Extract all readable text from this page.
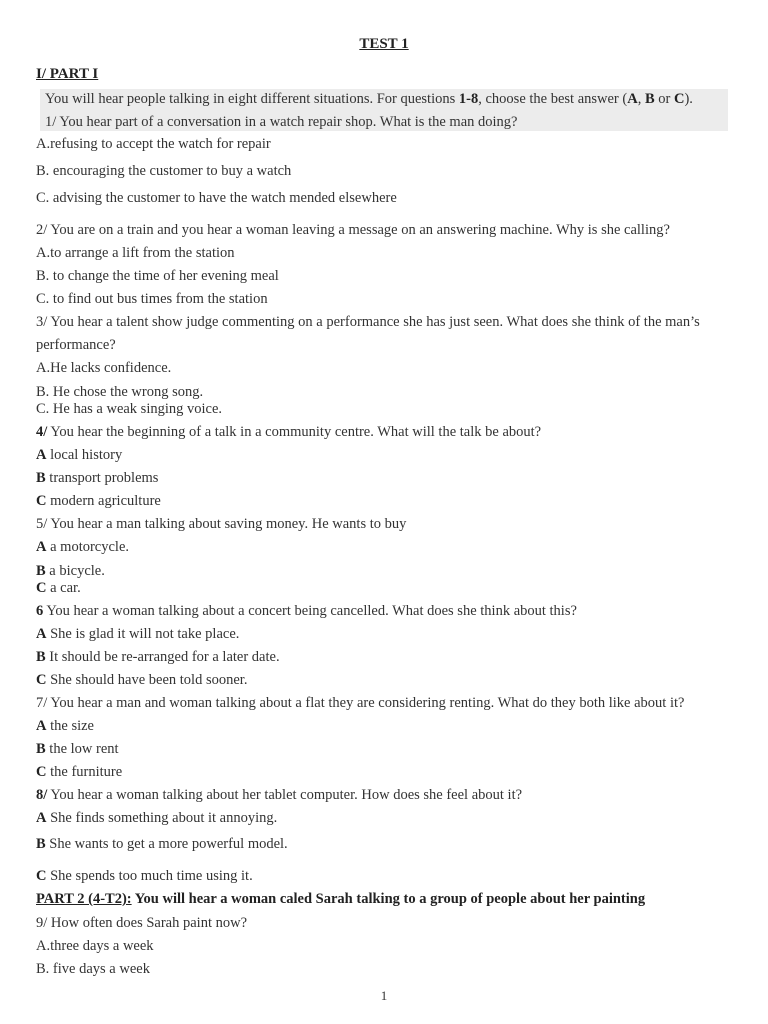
TEST 1
I/ PART I
You will hear people talking in eight different situations. For questions 1-8, choose the best answer (A, B or C).
1/ You hear part of a conversation in a watch repair shop. What is the man doing?
A.refusing to accept the watch for repair
B. encouraging the customer to buy a watch
C. advising the customer to have the watch mended elsewhere
2/ You are on a train and you hear a woman leaving a message on an answering machine. Why is she calling?
A.to arrange a lift from the station
B. to change the time of her evening meal
C. to find out bus times from the station
3/ You hear a talent show judge commenting on a performance she has just seen. What does she think of the man’s
performance?
A.He lacks confidence.
B. He chose the wrong song.
C. He has a weak singing voice.
4/ You hear the beginning of a talk in a community centre. What will the talk be about?
A local history
B transport problems
C modern agriculture
5/ You hear a man talking about saving money. He wants to buy
A a motorcycle.
B a bicycle.
C a car.
6 You hear a woman talking about a concert being cancelled. What does she think about this?
A She is glad it will not take place.
B It should be re-arranged for a later date.
C She should have been told sooner.
7/ You hear a man and woman talking about a flat they are considering renting. What do they both like about it?
A the size
B the low rent
C the furniture
8/ You hear a woman talking about her tablet computer. How does she feel about it?
A She finds something about it annoying.
B She wants to get a more powerful model.
C She spends too much time using it.
PART 2 (4-T2): You will hear a woman caled Sarah talking to a group of people about her painting
9/ How often does Sarah paint now?
A.three days a week
B. five days a week
1
